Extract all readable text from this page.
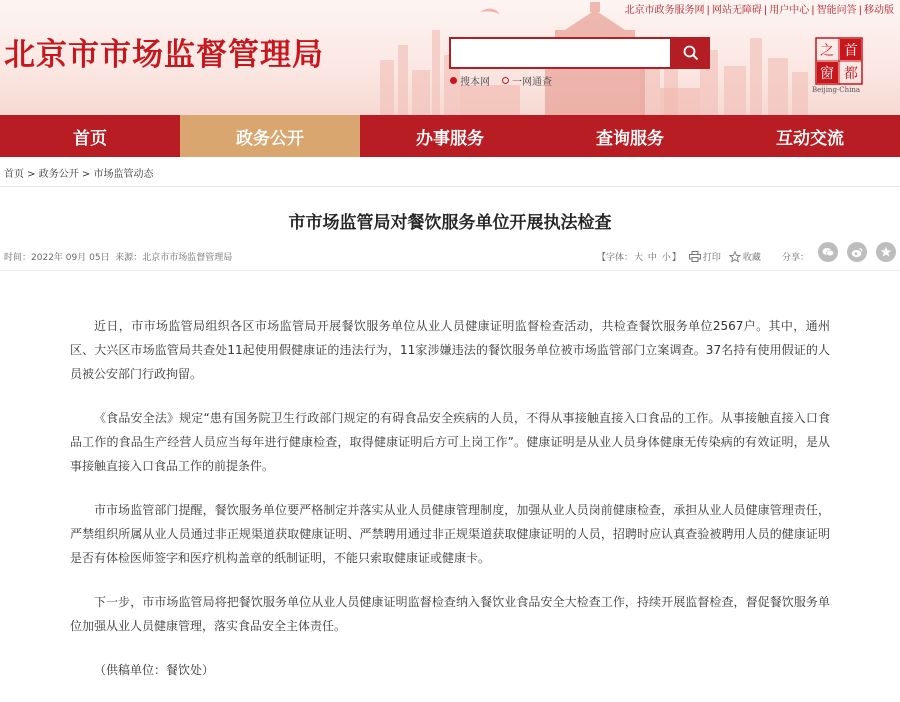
北京市政务服务网 | 网站无障碍 | 用户中心 | 智能问答 | 移动版
北京市市场监督管理局
搜本网 一网通查
之 首
窗 都
Beijing-China
首页	政务公开	办事服务	查询服务	互动交流
首页 > 政务公开 > 市场监管动态
市市场监管局对餐饮服务单位开展执法检查
时间：2022年 09月 05日 来源：北京市市场监督管理局	【字体：大 中 小】 打印 收藏 分享：

近日，市市场监管局组织各区市场监管局开展餐饮服务单位从业人员健康证明监督检查活动，共检查餐饮服务单位2567户。其中，通州区、大兴区市场监管局共查处11起使用假健康证的违法行为，11家涉嫌违法的餐饮服务单位被市场监管部门立案调查。37名持有使用假证的人员被公安部门行政拘留。

《食品安全法》规定“患有国务院卫生行政部门规定的有碍食品安全疾病的人员，不得从事接触直接入口食品的工作。从事接触直接入口食品工作的食品生产经营人员应当每年进行健康检查，取得健康证明后方可上岗工作”。健康证明是从业人员身体健康无传染病的有效证明，是从事接触直接入口食品工作的前提条件。

市市场监管部门提醒，餐饮服务单位要严格制定并落实从业人员健康管理制度，加强从业人员岗前健康检查，承担从业人员健康管理责任，严禁组织所属从业人员通过非正规渠道获取健康证明、严禁聘用通过非正规渠道获取健康证明的人员，招聘时应认真查验被聘用人员的健康证明是否有体检医师签字和医疗机构盖章的纸制证明，不能只索取健康证或健康卡。

下一步，市市场监管局将把餐饮服务单位从业人员健康证明监督检查纳入餐饮业食品安全大检查工作，持续开展监督检查，督促餐饮服务单位加强从业人员健康管理，落实食品安全主体责任。

（供稿单位：餐饮处）
